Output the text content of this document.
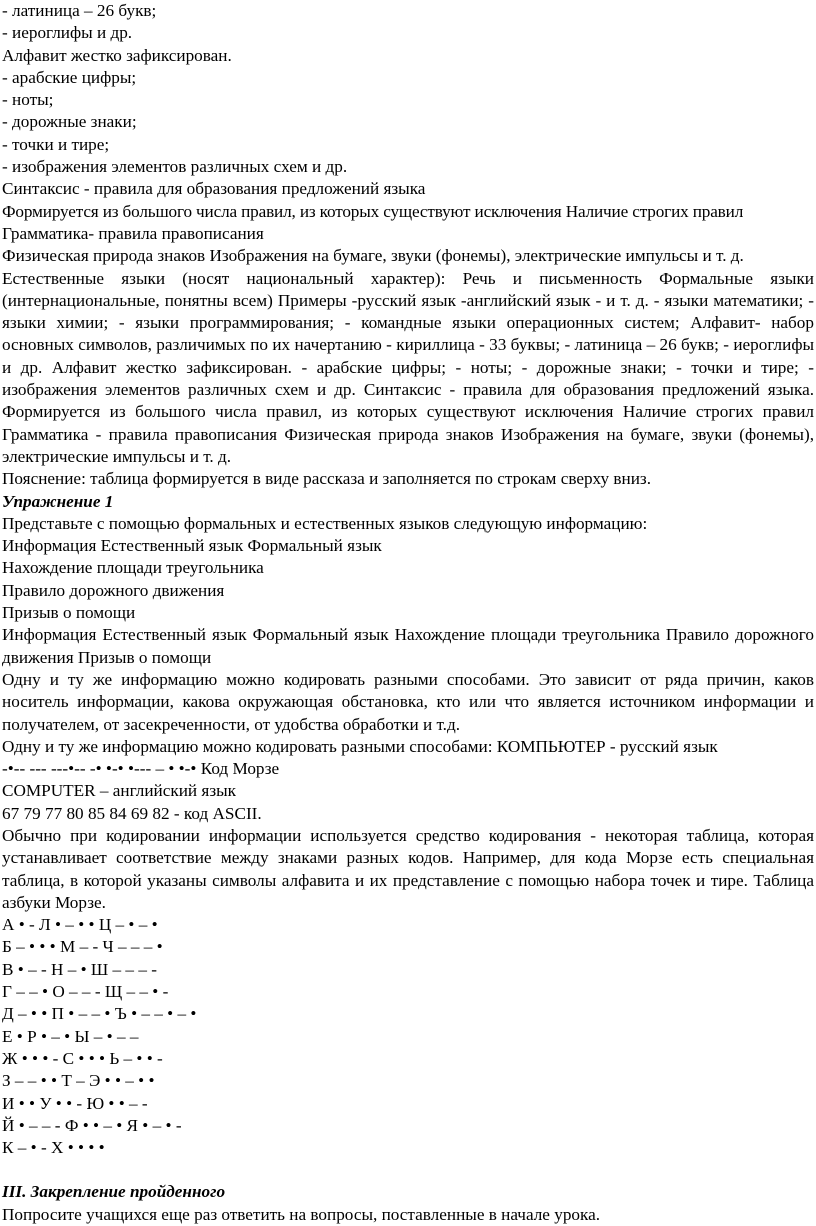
- латиница – 26 букв;

- иероглифы и др.

Алфавит жестко зафиксирован.

- арабские цифры;

- ноты;

- дорожные знаки;

- точки и тире;

- изображения элементов различных схем и др.

Синтаксис - правила для образования предложений языка

Формируется из большого числа правил, из которых существуют исключения Наличие строгих правил

Грамматика- правила правописания

Физическая природа знаков Изображения на бумаге, звуки (фонемы), электрические импульсы и т. д.

Естественные языки (носят национальный характер): Речь и письменность Формальные языки (интернациональные, понятны всем) Примеры -русский язык -английский язык - и т. д. - языки математики; - языки химии; - языки программирования; - командные языки операционных систем; Алфавит- набор основных символов, различимых по их начертанию - кириллица - 33 буквы; - латиница – 26 букв; - иероглифы и др. Алфавит жестко зафиксирован. - арабские цифры; - ноты; - дорожные знаки; - точки и тире; - изображения элементов различных схем и др. Синтаксис - правила для образования предложений языка. Формируется из большого числа правил, из которых существуют исключения Наличие строгих правил Грамматика - правила правописания Физическая природа знаков Изображения на бумаге, звуки (фонемы), электрические импульсы и т. д.

Пояснение: таблица формируется в виде рассказа и заполняется по строкам сверху вниз.

Упражнение 1

Представьте с помощью формальных и естественных языков следующую информацию:

Информация Естественный язык Формальный язык

Нахождение площади треугольника

Правило дорожного движения

Призыв о помощи

Информация Естественный язык Формальный язык Нахождение площади треугольника Правило дорожного движения Призыв о помощи

Одну и ту же информацию можно кодировать разными способами. Это зависит от ряда причин, каков носитель информации, какова окружающая обстановка, кто или что является источником информации и получателем, от засекреченности, от удобства обработки и т.д.

Одну и ту же информацию можно кодировать разными способами: КОМПЬЮТЕР - русский язык

-•-- --- ---•-- -• •-• •--- – • •-• Код Морзе

COMPUTER – английский язык

67 79 77 80 85 84 69 82 - код ASCII.

Обычно при кодировании информации используется средство кодирования - некоторая таблица, которая устанавливает соответствие между знаками разных кодов. Например, для кода Морзе есть специальная таблица, в которой указаны символы алфавита и их представление с помощью набора точек и тире. Таблица азбуки Морзе.

А • - Л • – • • Ц – • – •

Б – • • • М – - Ч – – – •

В • – - Н – • Ш – – – -

Г – – • О – – - Щ – – • -

Д – • • П • – – • Ъ • – – • – •

Е • Р • – • Ы – • – –

Ж • • • - С • • • Ь – • • -

З – – • • Т – Э • • – • •

И • • У • • - Ю • • – -

Й • – – - Ф • • – • Я • – • -

К – • - Х • • • •

III. Закрепление пройденного

Попросите учащихся еще раз ответить на вопросы, поставленные в начале урока.
